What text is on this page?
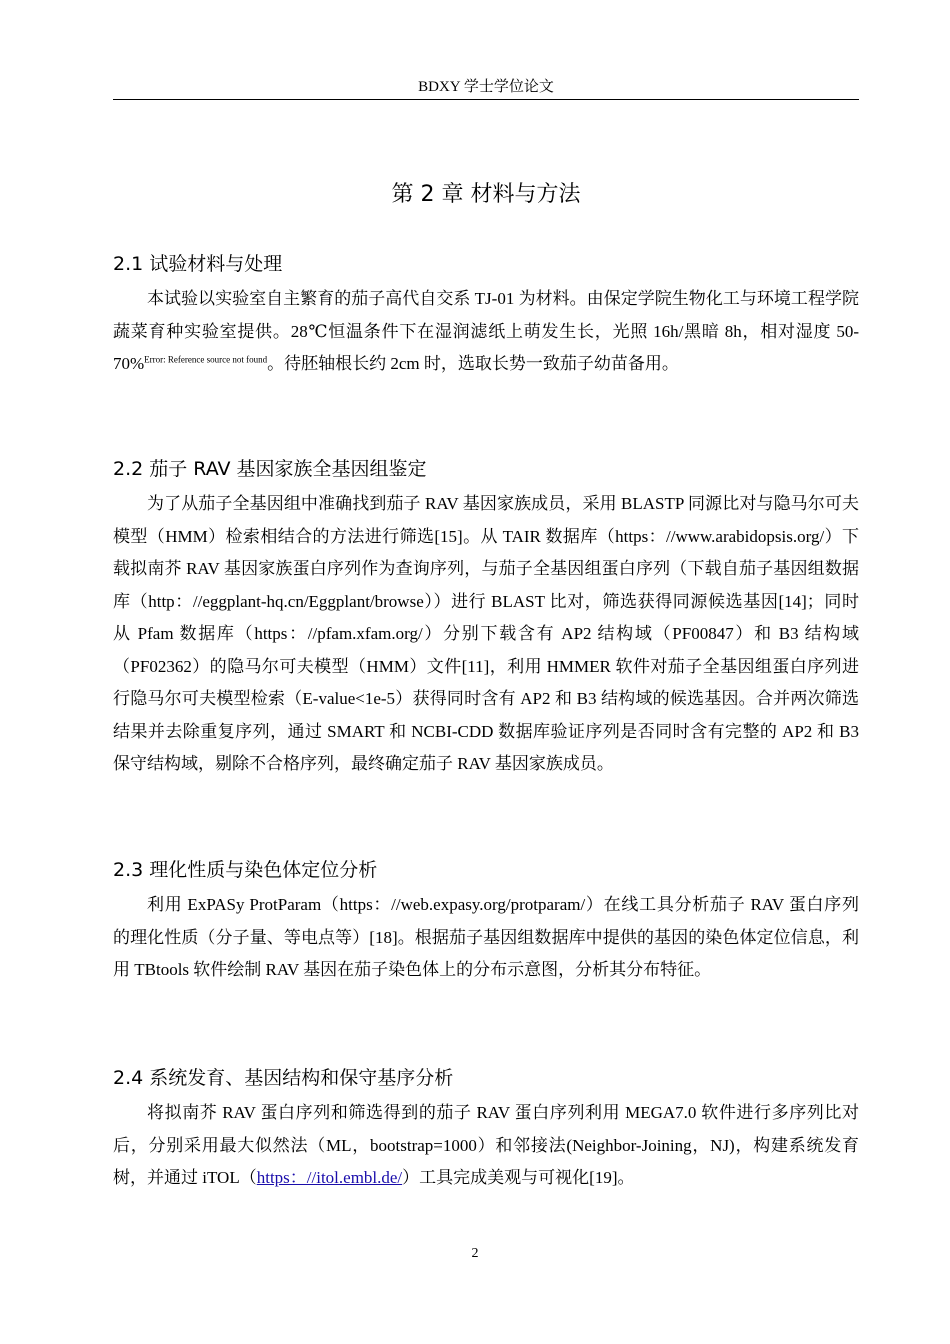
BDXY 学士学位论文
第 2 章 材料与方法
2.1 试验材料与处理

本试验以实验室自主繁育的茄子高代自交系 TJ-01 为材料。由保定学院生物化工与环境工程学院蔬菜育种实验室提供。28℃恒温条件下在湿润滤纸上萌发生长，光照 16h/黑暗 8h，相对湿度 50-70%$^{Error: Reference source not found}$。待胚轴根长约 2cm 时，选取长势一致茄子幼苗备用。

2.2 茄子 RAV 基因家族全基因组鉴定

为了从茄子全基因组中准确找到茄子 RAV 基因家族成员，采用 BLASTP 同源比对与隐马尔可夫模型（HMM）检索相结合的方法进行筛选[15]。从 TAIR 数据库（https：//www.arabidopsis.org/）下载拟南芥 RAV 基因家族蛋白序列作为查询序列，与茄子全基因组蛋白序列（下载自茄子基因组数据库（http：//eggplant-hq.cn/Eggplant/browse））进行 BLAST 比对，筛选获得同源候选基因[14]；同时从 Pfam 数据库（https：//pfam.xfam.org/）分别下载含有 AP2 结构域（PF00847）和 B3 结构域（PF02362）的隐马尔可夫模型（HMM）文件[11]，利用 HMMER 软件对茄子全基因组蛋白序列进行隐马尔可夫模型检索（E-value<1e-5）获得同时含有 AP2 和 B3 结构域的候选基因。合并两次筛选结果并去除重复序列，通过 SMART 和 NCBI-CDD 数据库验证序列是否同时含有完整的 AP2 和 B3 保守结构域，剔除不合格序列，最终确定茄子 RAV 基因家族成员。

2.3 理化性质与染色体定位分析

利用 ExPASy ProtParam（https：//web.expasy.org/protparam/）在线工具分析茄子 RAV 蛋白序列的理化性质（分子量、等电点等）[18]。根据茄子基因组数据库中提供的基因的染色体定位信息，利用 TBtools 软件绘制 RAV 基因在茄子染色体上的分布示意图，分析其分布特征。

2.4 系统发育、基因结构和保守基序分析

将拟南芥 RAV 蛋白序列和筛选得到的茄子 RAV 蛋白序列利用 MEGA7.0 软件进行多序列比对后，分别采用最大似然法（ML，bootstrap=1000）和邻接法(Neighbor-Joining，NJ)，构建系统发育树，并通过 iTOL（https：//itol.embl.de/）工具完成美观与可视化[19]。

2
